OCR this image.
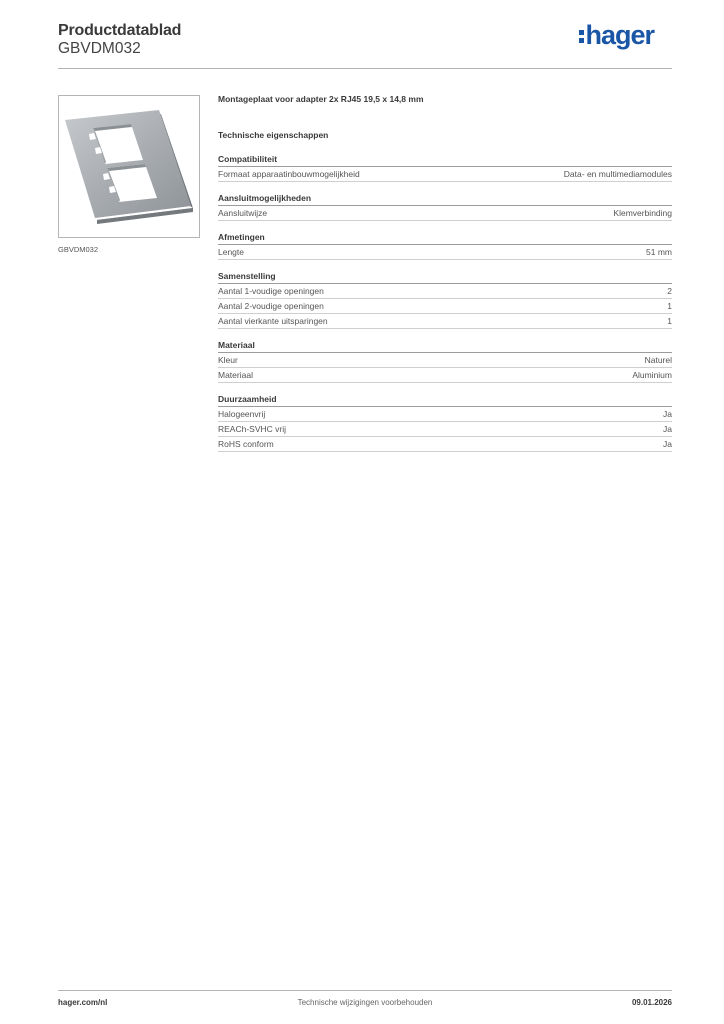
Productdatablad
GBVDM032	hager
GBVDM032
Montageplaat voor adapter 2x RJ45 19,5 x 14,8 mm
Technische eigenschappen
Compatibiliteit
Formaat apparaatinbouwmogelijkheid	Data- en multimediamodules
Aansluitmogelijkheden
Aansluitwijze	Klemverbinding
Afmetingen
Lengte	51 mm
Samenstelling
Aantal 1-voudige openingen	2
Aantal 2-voudige openingen	1
Aantal vierkante uitsparingen	1
Materiaal
Kleur	Naturel
Materiaal	Aluminium
Duurzaamheid
Halogeenvrij	Ja
REACh-SVHC vrij	Ja
RoHS conform	Ja
hager.com/nl	Technische wijzigingen voorbehouden	09.01.2026
